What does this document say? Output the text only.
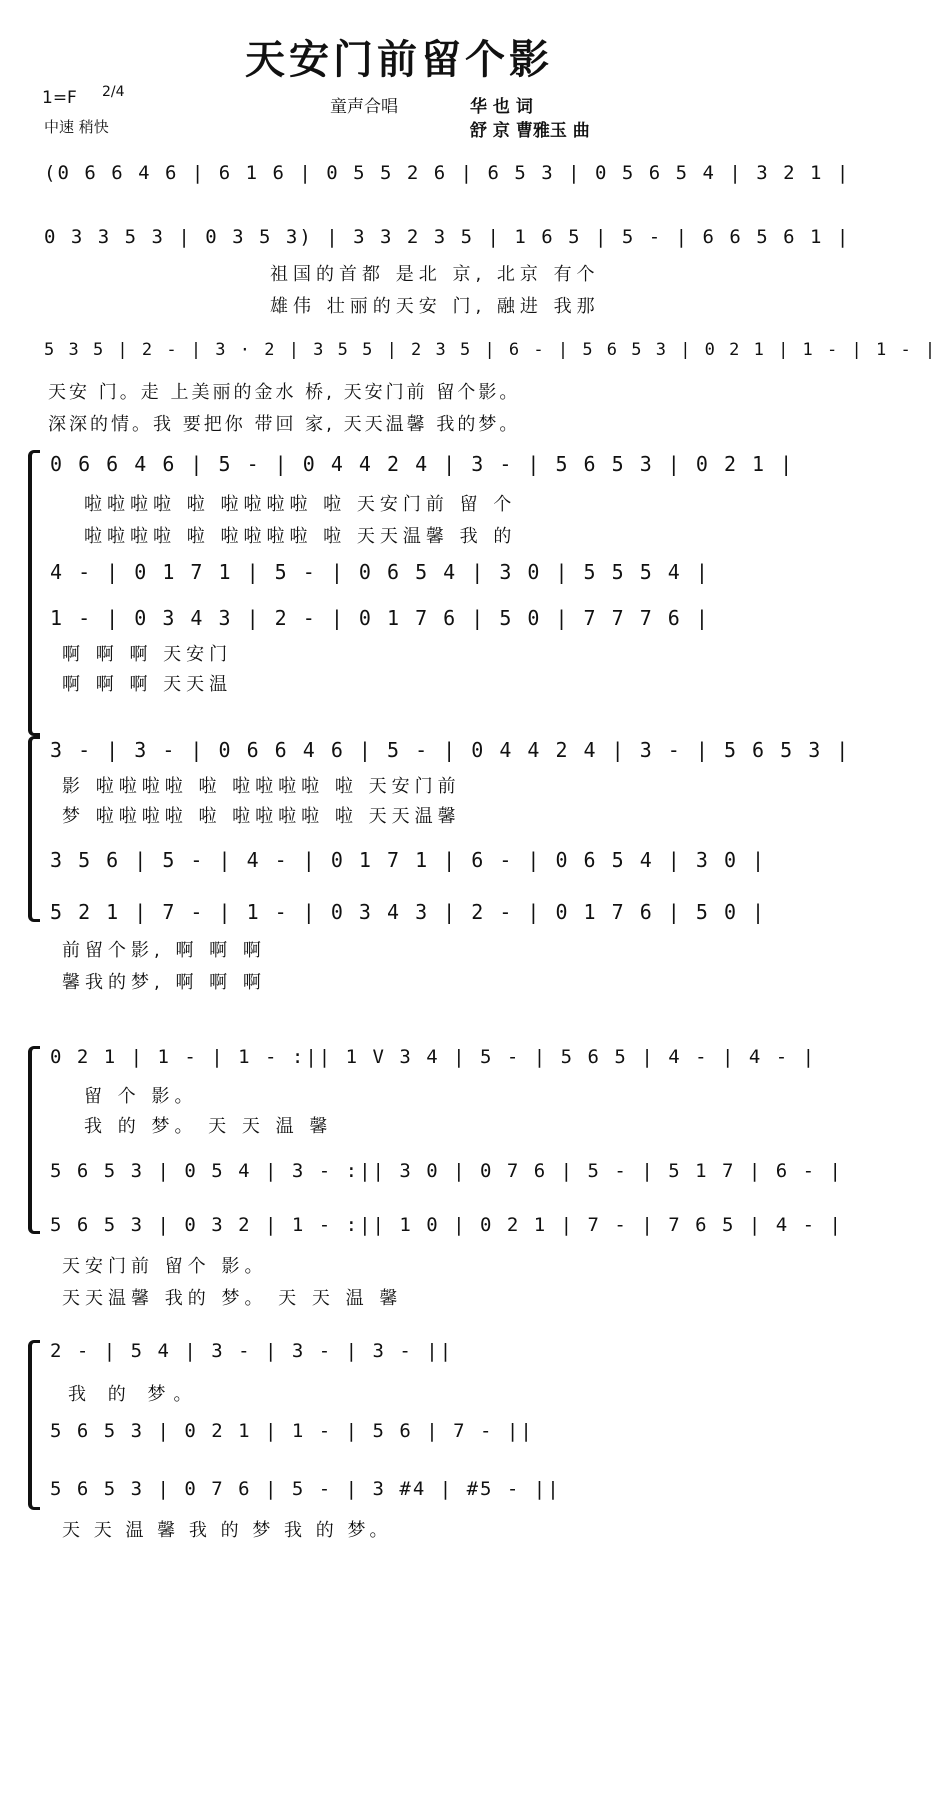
天安门前留个影
1=F 2/4
中速 稍快
童声合唱	华 也 词
舒 京 曹雅玉 曲
(0 6 6 4 6 | 6 1 6 | 0 5 5 2 6 | 6 5 3 | 0 5 6 5 4 | 3 2 1 |
0 3 3 5 3 | 0 3 5 3) | 3 3 2 3 5 | 1 6 5 | 5 - | 6 6 5 6 1 |
祖国的首都 是北 京, 北京 有个
雄伟 壮丽的天安 门, 融进 我那
5 3 5 | 2 - | 3 · 2 | 3 5 5 | 2 3 5 | 6 - | 5 6 5 3 | 0 2 1 | 1 - | 1 - |
天安 门。走 上美丽的金水 桥, 天安门前 留个影。
深深的情。我 要把你 带回 家, 天天温馨 我的梦。
0 6 6 4 6 | 5 - | 0 4 4 2 4 | 3 - | 5 6 5 3 | 0 2 1 |
啦啦啦啦 啦 啦啦啦啦 啦 天安门前 留 个
啦啦啦啦 啦 啦啦啦啦 啦 天天温馨 我 的
4 - | 0 1 7 1 | 5 - | 0 6 5 4 | 3 0 | 5 5 5 4 |
1 - | 0 3 4 3 | 2 - | 0 1 7 6 | 5 0 | 7 7 7 6 |
啊 啊 啊 天安门
啊 啊 啊 天天温
3 - | 3 - | 0 6 6 4 6 | 5 - | 0 4 4 2 4 | 3 - | 5 6 5 3 |
影 啦啦啦啦 啦 啦啦啦啦 啦 天安门前
梦 啦啦啦啦 啦 啦啦啦啦 啦 天天温馨
3 5 6 | 5 - | 4 - | 0 1 7 1 | 6 - | 0 6 5 4 | 3 0 |
5 2 1 | 7 - | 1 - | 0 3 4 3 | 2 - | 0 1 7 6 | 5 0 |
前留个影, 啊 啊 啊
馨我的梦, 啊 啊 啊
0 2 1 | 1 - | 1 - :|| 1 V 3 4 | 5 - | 5 6 5 | 4 - | 4 - |
留 个 影。
我 的 梦。 天 天 温 馨
5 6 5 3 | 0 5 4 | 3 - :|| 3 0 | 0 7 6 | 5 - | 5 1 7 | 6 - |
5 6 5 3 | 0 3 2 | 1 - :|| 1 0 | 0 2 1 | 7 - | 7 6 5 | 4 - |
天安门前 留个 影。
天天温馨 我的 梦。 天 天 温 馨
2 - | 5 4 | 3 - | 3 - | 3 - ||
我 的 梦。
5 6 5 3 | 0 2 1 | 1 - | 5 6 | 7 - ||
5 6 5 3 | 0 7 6 | 5 - | 3 #4 | #5 - ||
天 天 温 馨 我 的 梦 我 的 梦。
